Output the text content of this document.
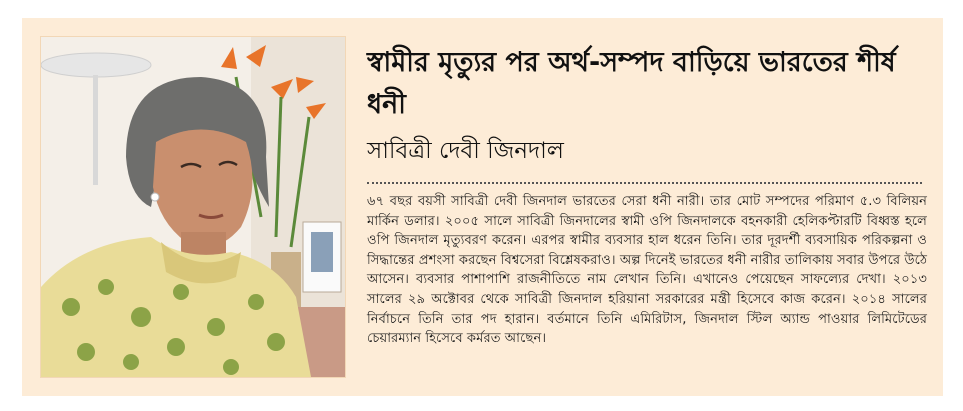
স্বামীর মৃত্যুর পর অর্থ-সম্পদ বাড়িয়ে ভারতের শীর্ষ ধনী
সাবিত্রী দেবী জিনদাল

৬৭ বছর বয়সী সাবিত্রী দেবী জিনদাল ভারতের সেরা ধনী নারী। তার মোট সম্পদের পরিমাণ ৫.৩ বিলিয়ন মার্কিন ডলার। ২০০৫ সালে সাবিত্রী জিনদালের স্বামী ওপি জিনদালকে বহনকারী হেলিকপ্টারটি বিধ্বস্ত হলে ওপি জিনদাল মৃত্যুবরণ করেন। এরপর স্বামীর ব্যবসার হাল ধরেন তিনি। তার দূরদর্শী ব্যবসায়িক পরিকল্পনা ও সিদ্ধান্তের প্রশংসা করছেন বিশ্বসেরা বিশ্লেষকরাও। অল্প দিনেই ভারতের ধনী নারীর তালিকায় সবার উপরে উঠে আসেন। ব্যবসার পাশাপাশি রাজনীতিতে নাম লেখান তিনি। এখানেও পেয়েছেন সাফল্যের দেখা। ২০১৩ সালের ২৯ অক্টোবর থেকে সাবিত্রী জিনদাল হরিয়ানা সরকারের মন্ত্রী হিসেবে কাজ করেন। ২০১৪ সালের নির্বাচনে তিনি তার পদ হারান। বর্তমানে তিনি এমিরিটাস, জিনদাল স্টিল অ্যান্ড পাওয়ার লিমিটেডের চেয়ারম্যান হিসেবে কর্মরত আছেন।
